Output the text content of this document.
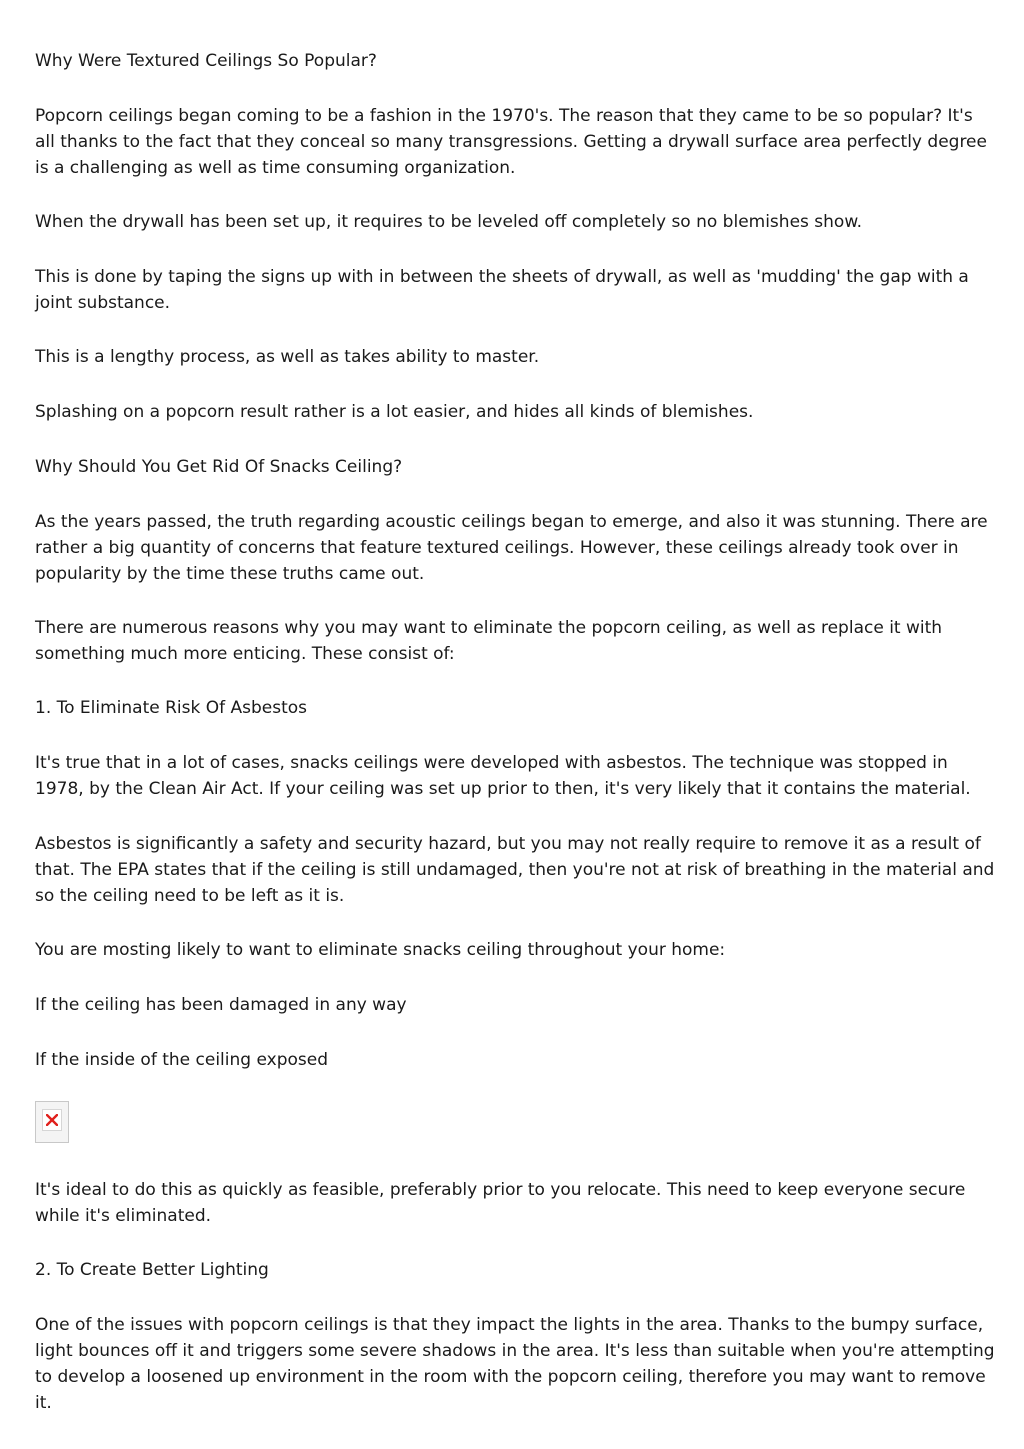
Why Were Textured Ceilings So Popular?

Popcorn ceilings began coming to be a fashion in the 1970's. The reason that they came to be so popular? It's all thanks to the fact that they conceal so many transgressions. Getting a drywall surface area perfectly degree is a challenging as well as time consuming organization.

When the drywall has been set up, it requires to be leveled off completely so no blemishes show.

This is done by taping the signs up with in between the sheets of drywall, as well as 'mudding' the gap with a joint substance.

This is a lengthy process, as well as takes ability to master.

Splashing on a popcorn result rather is a lot easier, and hides all kinds of blemishes.

Why Should You Get Rid Of Snacks Ceiling?

As the years passed, the truth regarding acoustic ceilings began to emerge, and also it was stunning. There are rather a big quantity of concerns that feature textured ceilings. However, these ceilings already took over in popularity by the time these truths came out.

There are numerous reasons why you may want to eliminate the popcorn ceiling, as well as replace it with something much more enticing. These consist of:

1. To Eliminate Risk Of Asbestos

It's true that in a lot of cases, snacks ceilings were developed with asbestos. The technique was stopped in 1978, by the Clean Air Act. If your ceiling was set up prior to then, it's very likely that it contains the material.

Asbestos is significantly a safety and security hazard, but you may not really require to remove it as a result of that. The EPA states that if the ceiling is still undamaged, then you're not at risk of breathing in the material and so the ceiling need to be left as it is.

You are mosting likely to want to eliminate snacks ceiling throughout your home:

If the ceiling has been damaged in any way

If the inside of the ceiling exposed

It's ideal to do this as quickly as feasible, preferably prior to you relocate. This need to keep everyone secure while it's eliminated.

2. To Create Better Lighting

One of the issues with popcorn ceilings is that they impact the lights in the area. Thanks to the bumpy surface, light bounces off it and triggers some severe shadows in the area. It's less than suitable when you're attempting to develop a loosened up environment in the room with the popcorn ceiling, therefore you may want to remove it.
